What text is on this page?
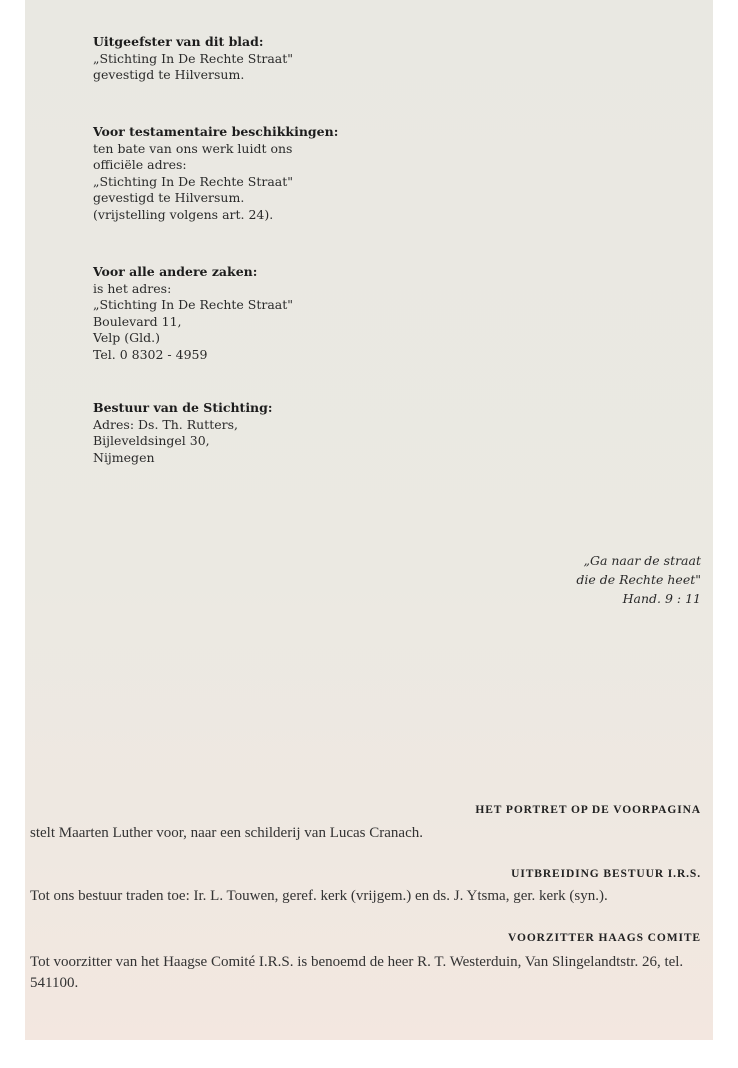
Uitgeefster van dit blad:
„Stichting In De Rechte Straat"
gevestigd te Hilversum.
Voor testamentaire beschikkingen:
ten bate van ons werk luidt ons
officiële adres:
„Stichting In De Rechte Straat"
gevestigd te Hilversum.
(vrijstelling volgens art. 24).
Voor alle andere zaken:
is het adres:
„Stichting In De Rechte Straat"
Boulevard 11,
Velp (Gld.)
Tel. 0 8302 - 4959
Bestuur van de Stichting:
Adres: Ds. Th. Rutters,
Bijleveldsingel 30,
Nijmegen
„Ga naar de straat
die de Rechte heet"
Hand. 9 : 11
HET PORTRET OP DE VOORPAGINA
stelt Maarten Luther voor, naar een schilderij van Lucas Cranach.
UITBREIDING BESTUUR I.R.S.
Tot ons bestuur traden toe: Ir. L. Touwen, geref. kerk (vrijgem.) en ds. J. Ytsma, ger. kerk (syn.).
VOORZITTER HAAGS COMITE
Tot voorzitter van het Haagse Comité I.R.S. is benoemd de heer R. T. Westerduin, Van Slingelandtstr. 26, tel. 541100.
